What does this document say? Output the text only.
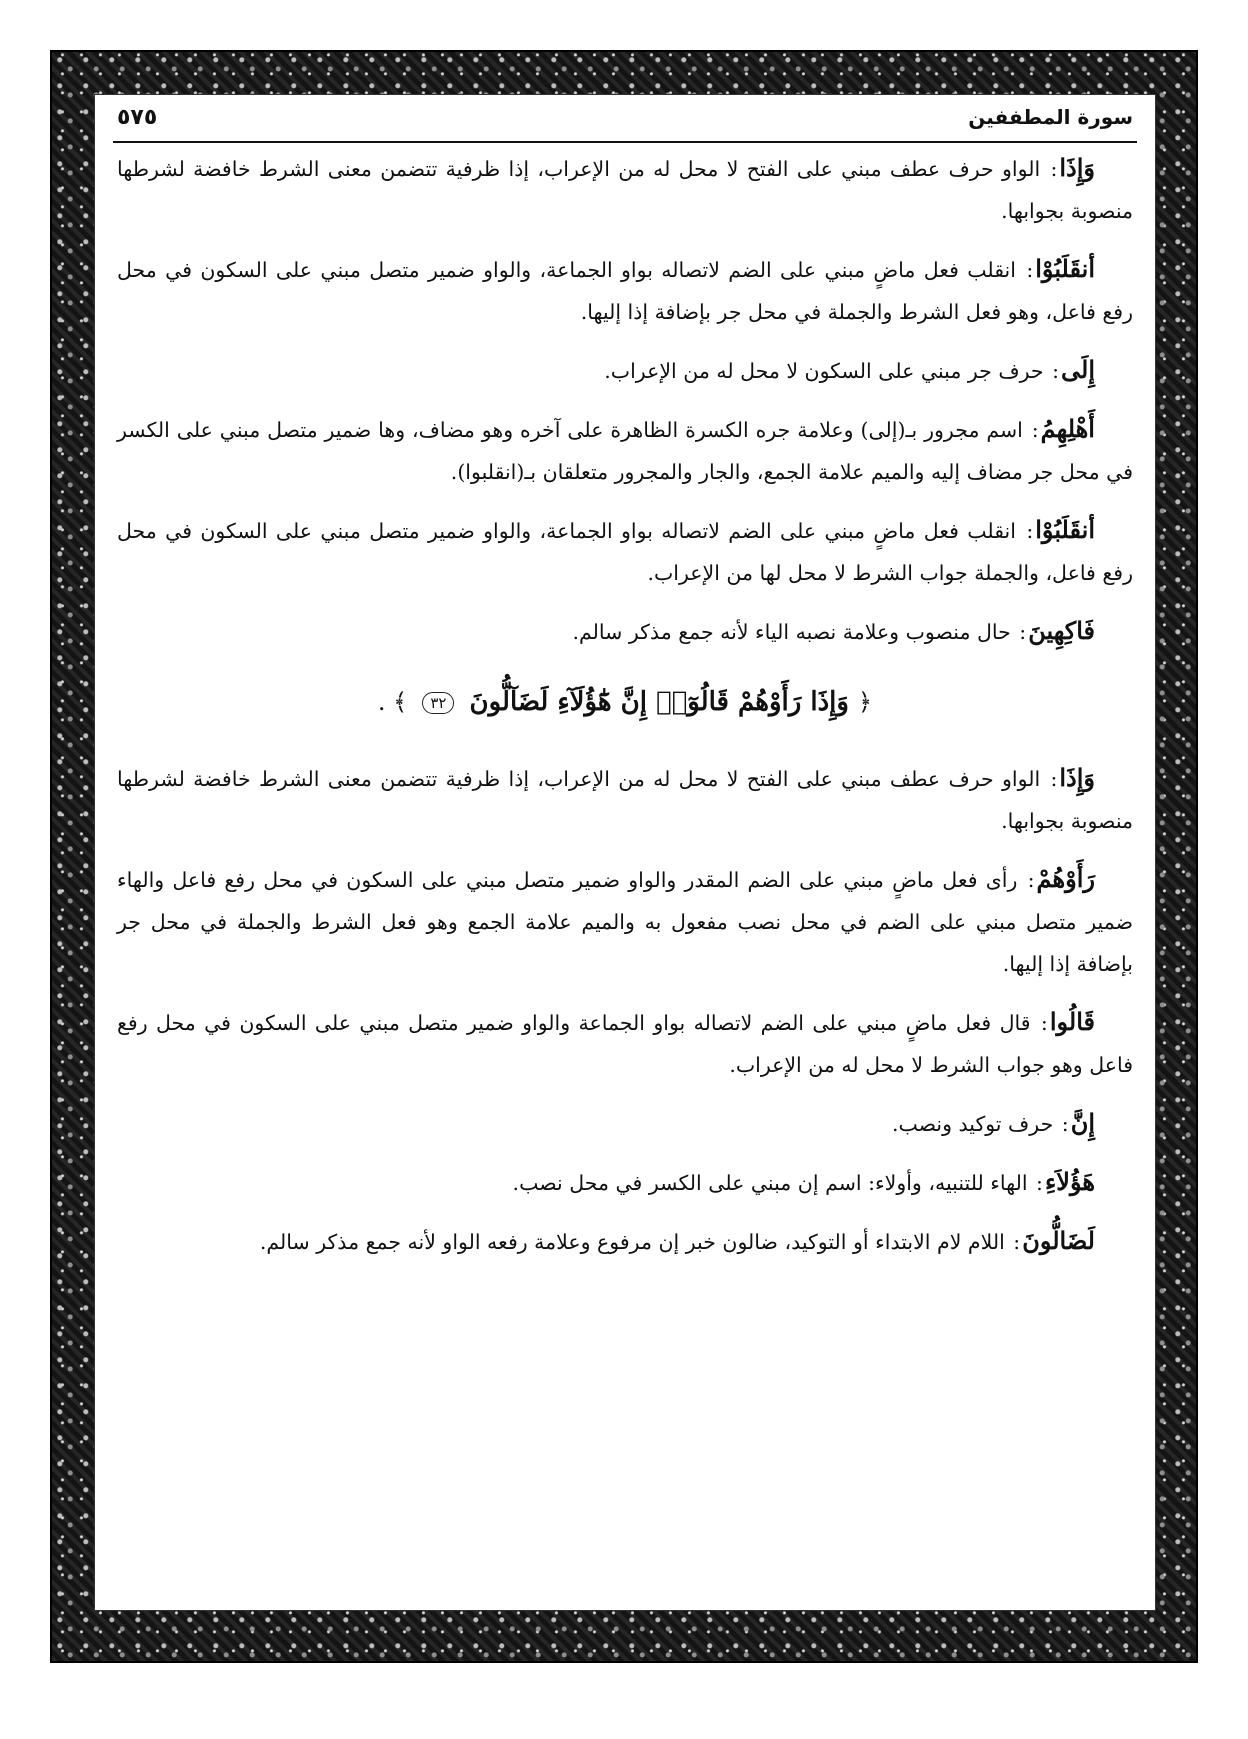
٥٧٥	سورة المطففين

وَإِذَا: الواو حرف عطف مبني على الفتح لا محل له من الإعراب، إذا ظرفية تتضمن معنى الشرط خافضة لشرطها منصوبة بجوابها.

أنقَلَبُوْا: انقلب فعل ماضٍ مبني على الضم لاتصاله بواو الجماعة، والواو ضمير متصل مبني على السكون في محل رفع فاعل، وهو فعل الشرط والجملة في محل جر بإضافة إذا إليها.

إِلَى: حرف جر مبني على السكون لا محل له من الإعراب.

أَهْلِهِمُ: اسم مجرور بـ(إلى) وعلامة جره الكسرة الظاهرة على آخره وهو مضاف، وها ضمير متصل مبني على الكسر في محل جر مضاف إليه والميم علامة الجمع، والجار والمجرور متعلقان بـ(انقلبوا).

أنقَلَبُوْا: انقلب فعل ماضٍ مبني على الضم لاتصاله بواو الجماعة، والواو ضمير متصل مبني على السكون في محل رفع فاعل، والجملة جواب الشرط لا محل لها من الإعراب.

فَاكِهِينَ: حال منصوب وعلامة نصبه الياء لأنه جمع مذكر سالم.

﴿ وَإِذَا رَأَوْهُمْ قَالُوٓا۟ إِنَّ هَٰٓؤُلَآءِ لَضَآلُّونَ ٣٢ ﴾ .

وَإِذَا: الواو حرف عطف مبني على الفتح لا محل له من الإعراب، إذا ظرفية تتضمن معنى الشرط خافضة لشرطها منصوبة بجوابها.

رَأَوْهُمْ: رأى فعل ماضٍ مبني على الضم المقدر والواو ضمير متصل مبني على السكون في محل رفع فاعل والهاء ضمير متصل مبني على الضم في محل نصب مفعول به والميم علامة الجمع وهو فعل الشرط والجملة في محل جر بإضافة إذا إليها.

قَالُوا: قال فعل ماضٍ مبني على الضم لاتصاله بواو الجماعة والواو ضمير متصل مبني على السكون في محل رفع فاعل وهو جواب الشرط لا محل له من الإعراب.

إِنَّ: حرف توكيد ونصب.

هَؤُلاَءِ: الهاء للتنبيه، وأولاء: اسم إن مبني على الكسر في محل نصب.

لَضَالُّونَ: اللام لام الابتداء أو التوكيد، ضالون خبر إن مرفوع وعلامة رفعه الواو لأنه جمع مذكر سالم.
